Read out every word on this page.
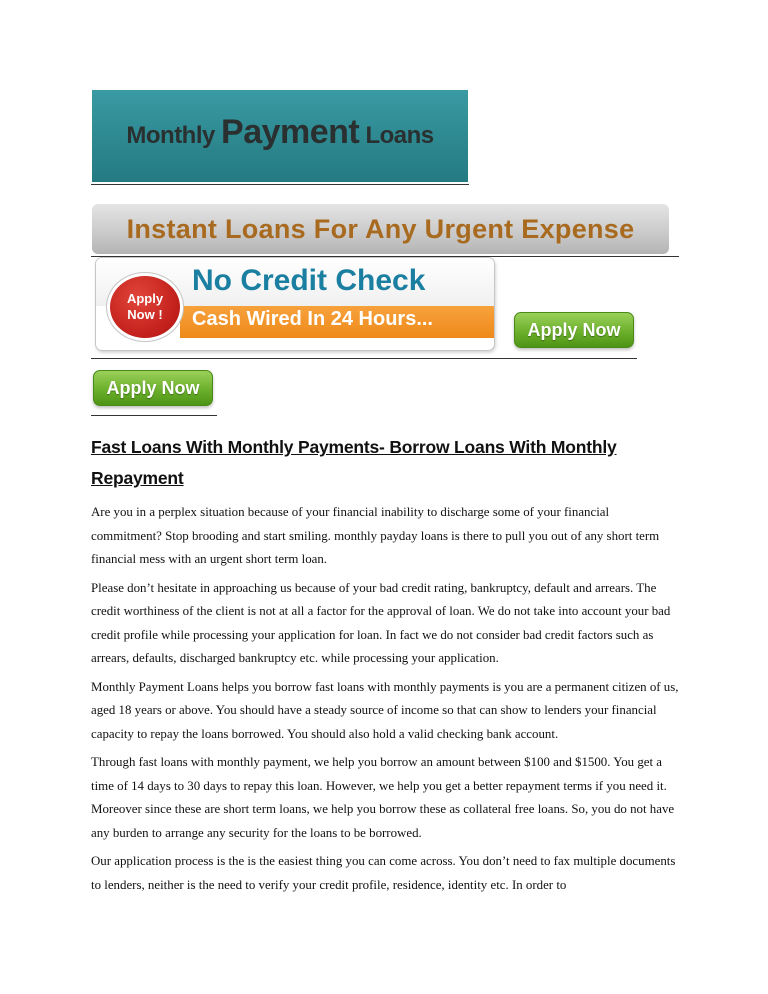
Monthly Payment Loans
Instant Loans For Any Urgent Expense
No Credit Check
Cash Wired In 24 Hours...
Apply
Now !
Apply Now
Apply Now
Fast Loans With Monthly Payments- Borrow Loans With Monthly Repayment

Are you in a perplex situation because of your financial inability to discharge some of your financial commitment? Stop brooding and start smiling. monthly payday loans is there to pull you out of any short term financial mess with an urgent short term loan.

Please don’t hesitate in approaching us because of your bad credit rating, bankruptcy, default and arrears. The credit worthiness of the client is not at all a factor for the approval of loan. We do not take into account your bad credit profile while processing your application for loan. In fact we do not consider bad credit factors such as arrears, defaults, discharged bankruptcy etc. while processing your application.

Monthly Payment Loans helps you borrow fast loans with monthly payments is you are a permanent citizen of us, aged 18 years or above. You should have a steady source of income so that can show to lenders your financial capacity to repay the loans borrowed. You should also hold a valid checking bank account.

Through fast loans with monthly payment, we help you borrow an amount between $100 and $1500. You get a time of 14 days to 30 days to repay this loan. However, we help you get a better repayment terms if you need it. Moreover since these are short term loans, we help you borrow these as collateral free loans. So, you do not have any burden to arrange any security for the loans to be borrowed.

Our application process is the is the easiest thing you can come across. You don’t need to fax multiple documents to lenders, neither is the need to verify your credit profile, residence, identity etc. In order to
